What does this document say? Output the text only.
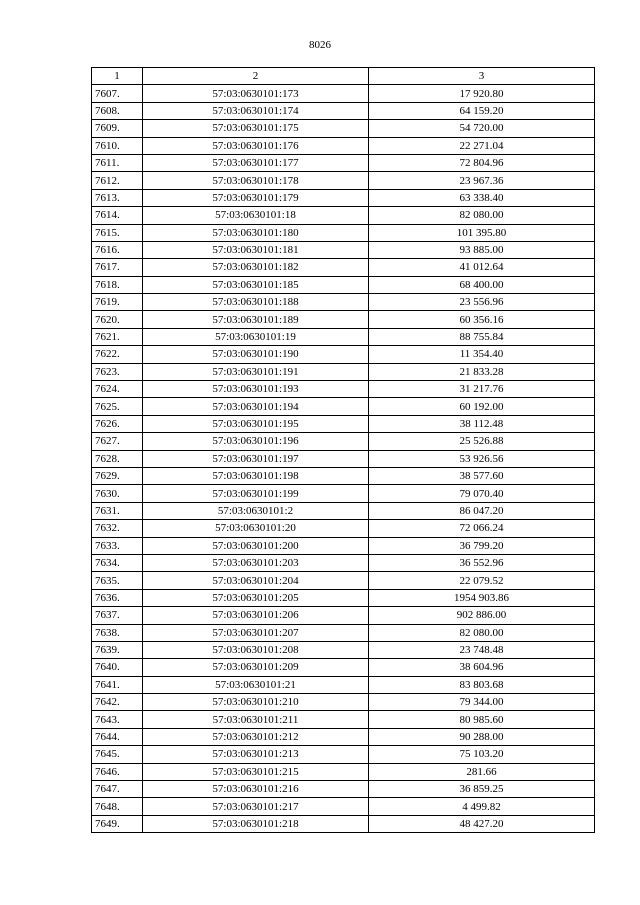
8026
1	2	3
7607.	57:03:0630101:173	17 920.80
7608.	57:03:0630101:174	64 159.20
7609.	57:03:0630101:175	54 720.00
7610.	57:03:0630101:176	22 271.04
7611.	57:03:0630101:177	72 804.96
7612.	57:03:0630101:178	23 967.36
7613.	57:03:0630101:179	63 338.40
7614.	57:03:0630101:18	82 080.00
7615.	57:03:0630101:180	101 395.80
7616.	57:03:0630101:181	93 885.00
7617.	57:03:0630101:182	41 012.64
7618.	57:03:0630101:185	68 400.00
7619.	57:03:0630101:188	23 556.96
7620.	57:03:0630101:189	60 356.16
7621.	57:03:0630101:19	88 755.84
7622.	57:03:0630101:190	11 354.40
7623.	57:03:0630101:191	21 833.28
7624.	57:03:0630101:193	31 217.76
7625.	57:03:0630101:194	60 192.00
7626.	57:03:0630101:195	38 112.48
7627.	57:03:0630101:196	25 526.88
7628.	57:03:0630101:197	53 926.56
7629.	57:03:0630101:198	38 577.60
7630.	57:03:0630101:199	79 070.40
7631.	57:03:0630101:2	86 047.20
7632.	57:03:0630101:20	72 066.24
7633.	57:03:0630101:200	36 799.20
7634.	57:03:0630101:203	36 552.96
7635.	57:03:0630101:204	22 079.52
7636.	57:03:0630101:205	1954 903.86
7637.	57:03:0630101:206	902 886.00
7638.	57:03:0630101:207	82 080.00
7639.	57:03:0630101:208	23 748.48
7640.	57:03:0630101:209	38 604.96
7641.	57:03:0630101:21	83 803.68
7642.	57:03:0630101:210	79 344.00
7643.	57:03:0630101:211	80 985.60
7644.	57:03:0630101:212	90 288.00
7645.	57:03:0630101:213	75 103.20
7646.	57:03:0630101:215	281.66
7647.	57:03:0630101:216	36 859.25
7648.	57:03:0630101:217	4 499.82
7649.	57:03:0630101:218	48 427.20
